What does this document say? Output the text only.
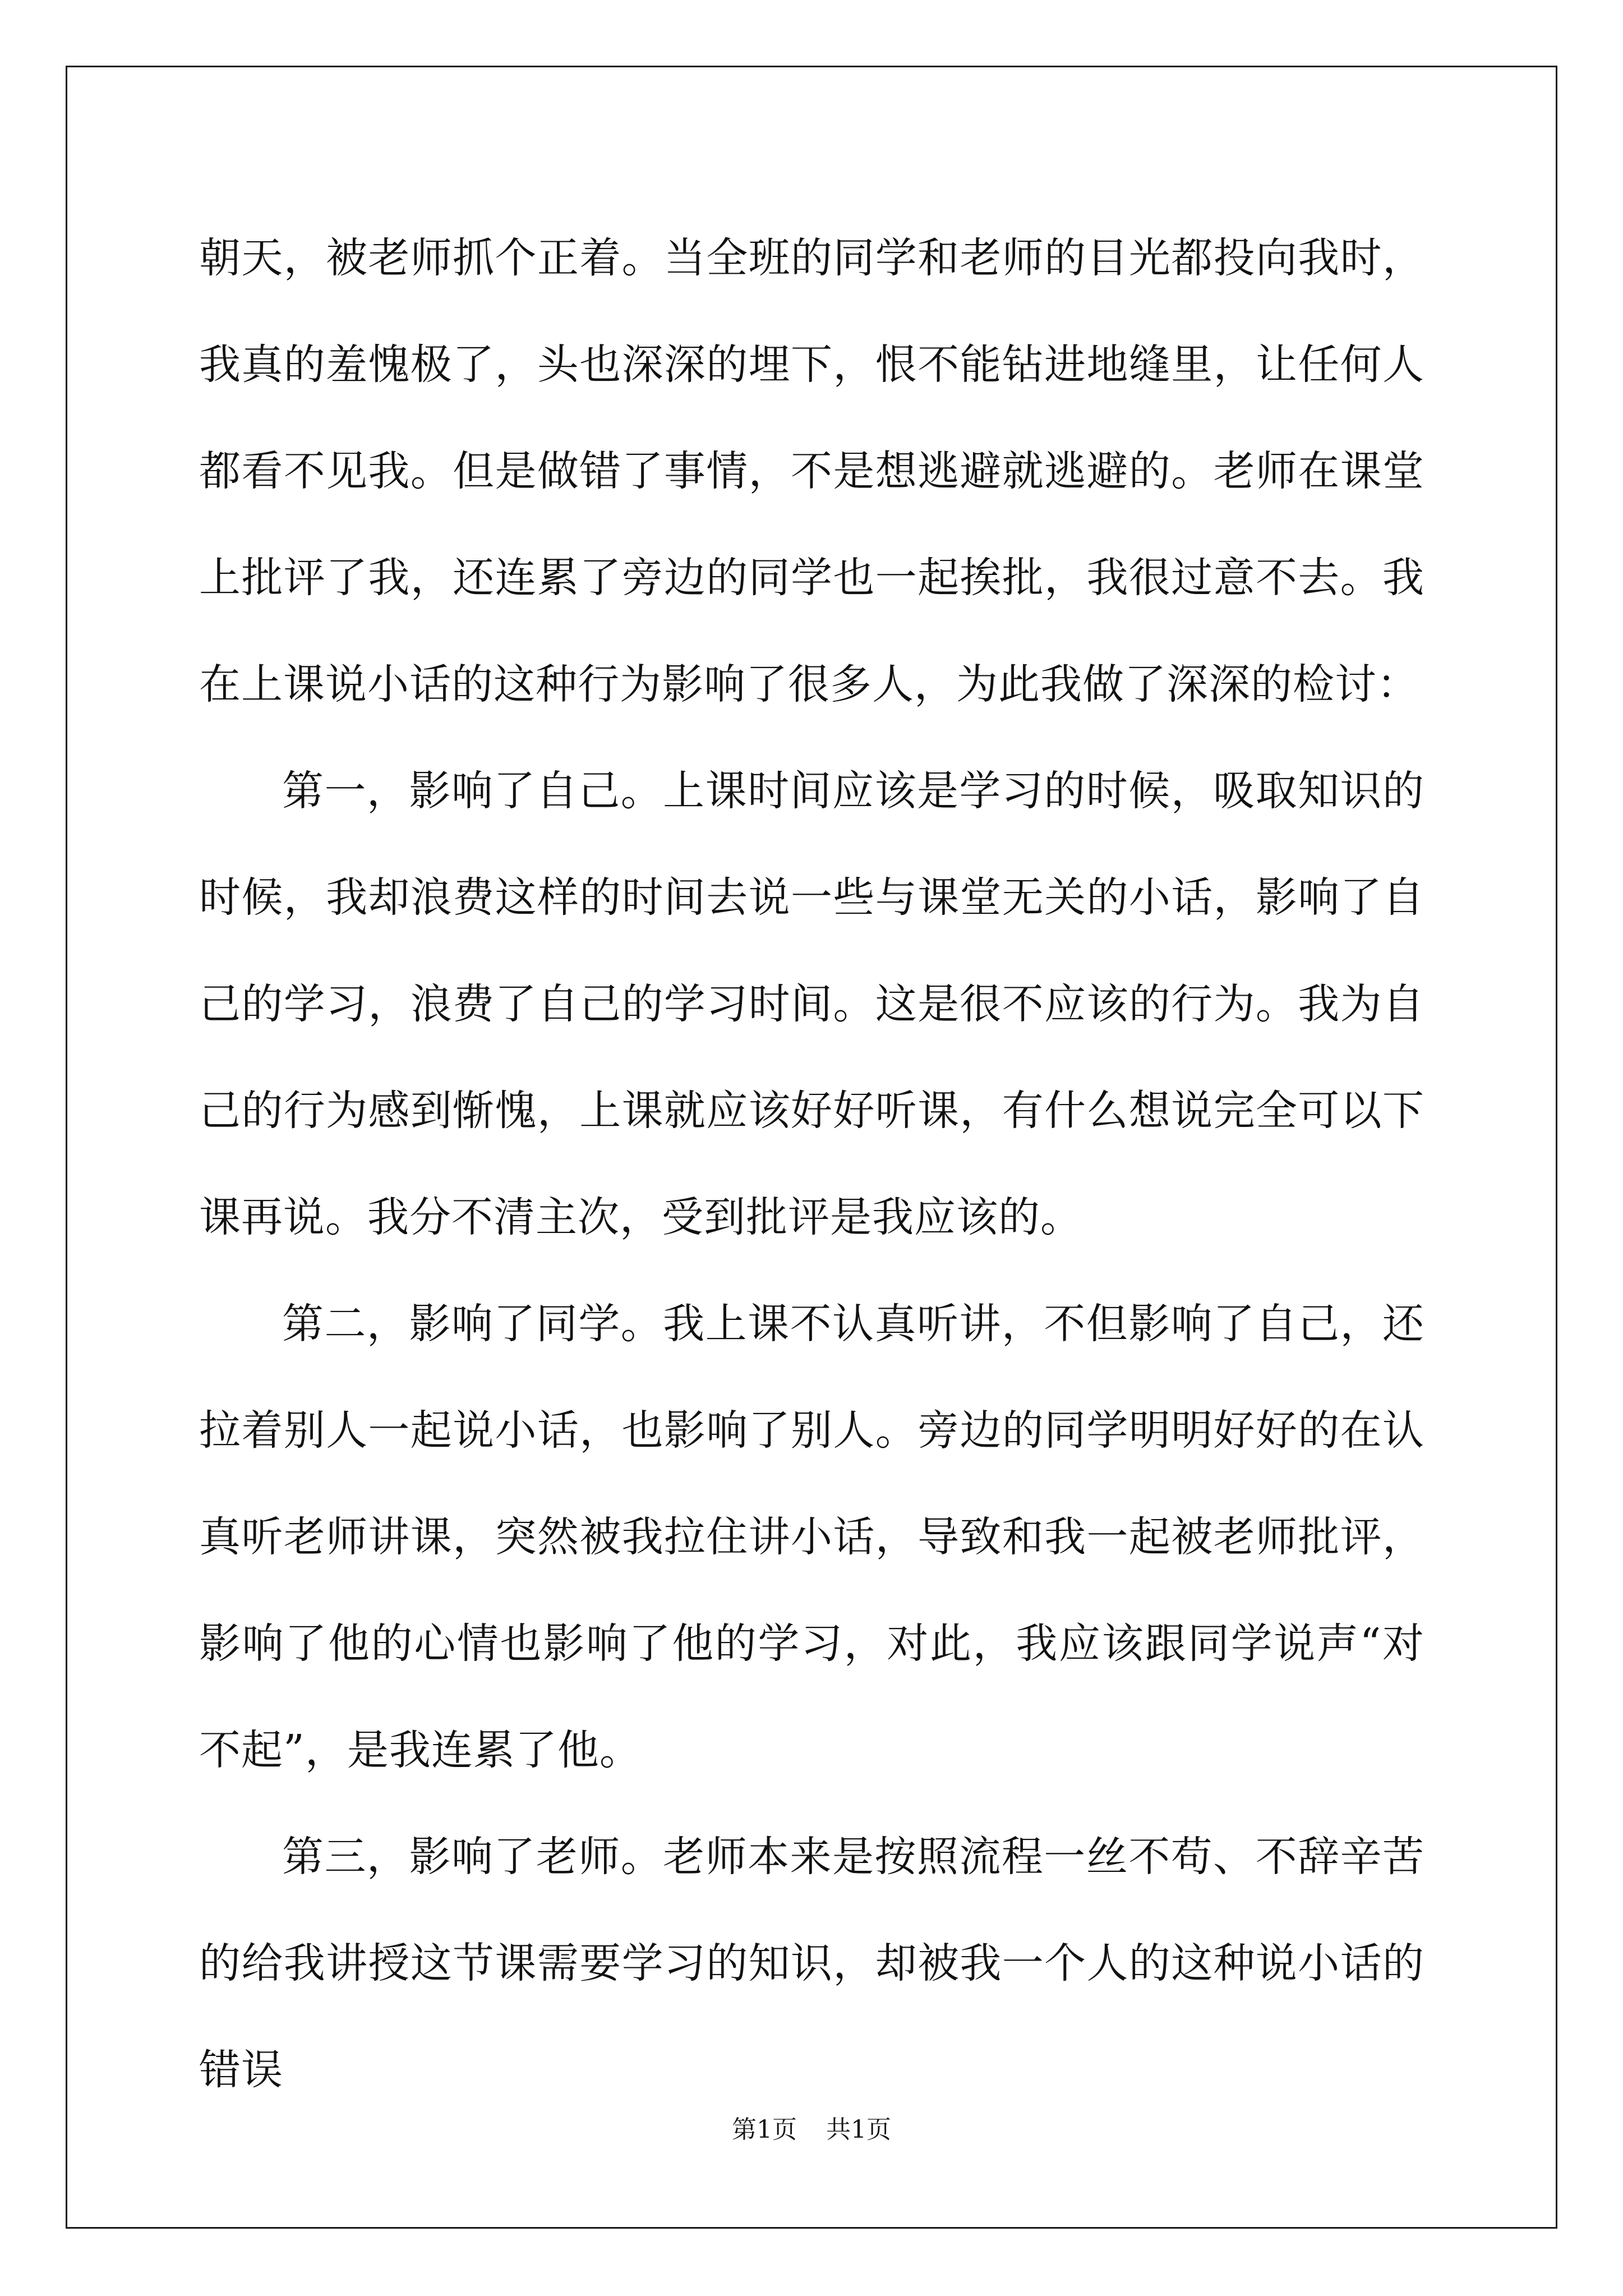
朝天，被老师抓个正着。当全班的同学和老师的目光都投向我时，我真的羞愧极了，头也深深的埋下，恨不能钻进地缝里，让任何人都看不见我。但是做错了事情，不是想逃避就逃避的。老师在课堂上批评了我，还连累了旁边的同学也一起挨批，我很过意不去。我在上课说小话的这种行为影响了很多人，为此我做了深深的检讨：

第一，影响了自己。上课时间应该是学习的时候，吸取知识的时候，我却浪费这样的时间去说一些与课堂无关的小话，影响了自己的学习，浪费了自己的学习时间。这是很不应该的行为。我为自己的行为感到惭愧，上课就应该好好听课，有什么想说完全可以下课再说。我分不清主次，受到批评是我应该的。

第二，影响了同学。我上课不认真听讲，不但影响了自己，还拉着别人一起说小话，也影响了别人。旁边的同学明明好好的在认真听老师讲课，突然被我拉住讲小话，导致和我一起被老师批评，影响了他的心情也影响了他的学习，对此，我应该跟同学说声“对不起”，是我连累了他。

第三，影响了老师。老师本来是按照流程一丝不苟、不辞辛苦的给我讲授这节课需要学习的知识，却被我一个人的这种说小话的错误

第1页 共1页
